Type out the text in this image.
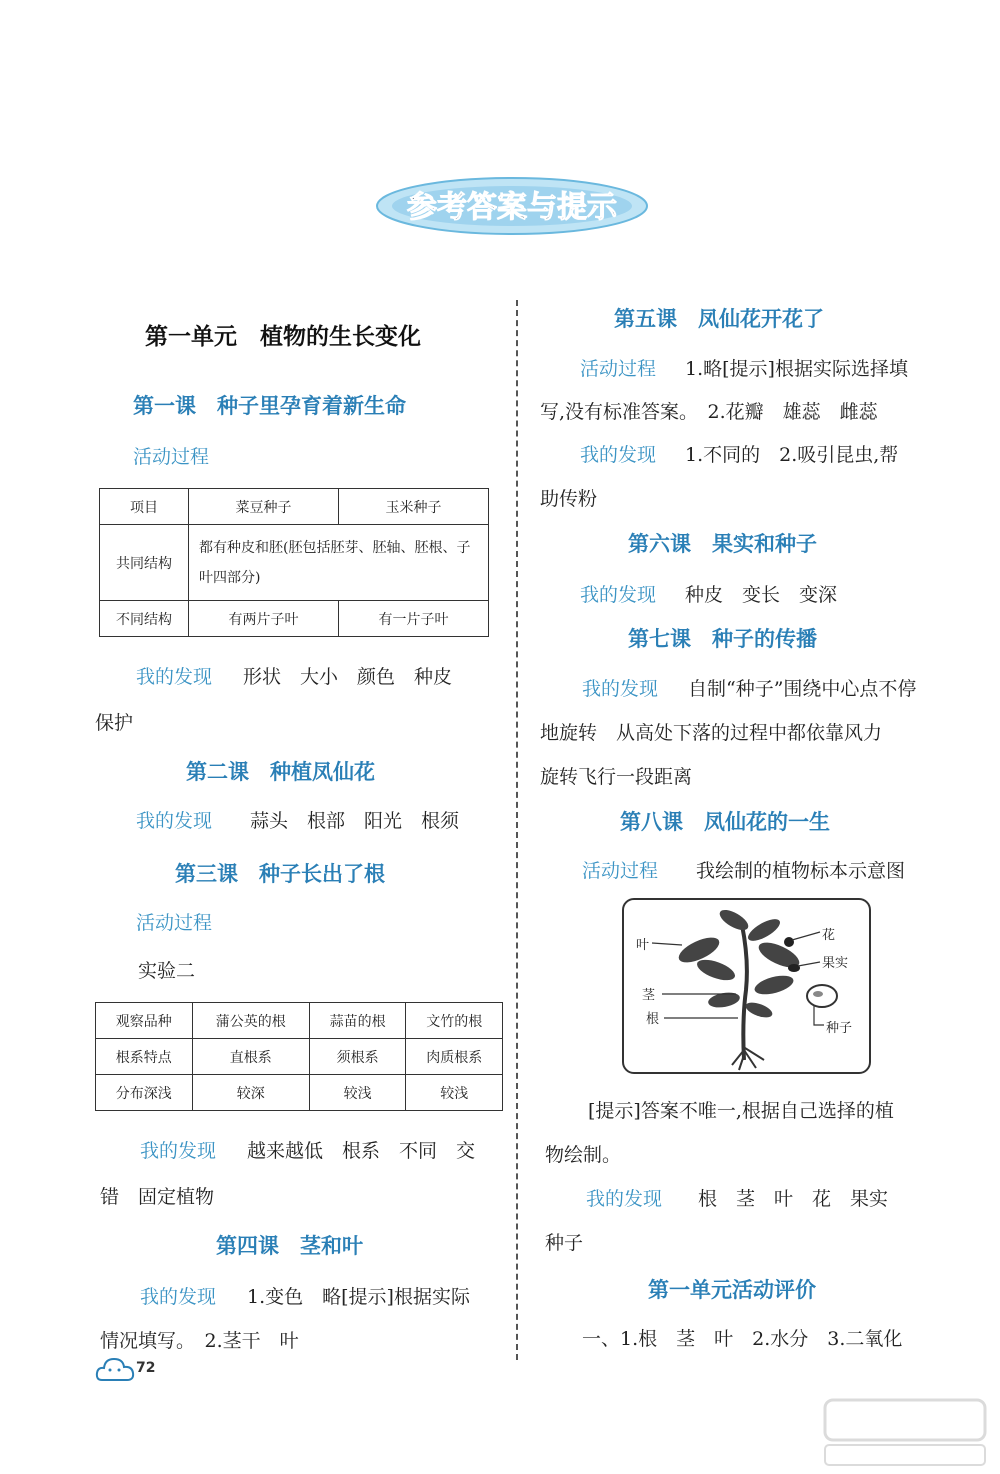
参考答案与提示
第一单元　植物的生长变化
第一课　种子里孕育着新生命
活动过程
项目	菜豆种子	玉米种子
共同结构	都有种皮和胚(胚包括胚芽、胚轴、胚根、子叶四部分)	
不同结构	有两片子叶	有一片子叶
我的发现 形状　大小　颜色　种皮
保护
第二课　种植凤仙花
我的发现 蒜头　根部　阳光　根须
第三课　种子长出了根
活动过程
实验二
观察品种	蒲公英的根	蒜苗的根	文竹的根
根系特点	直根系	须根系	肉质根系
分布深浅	较深	较浅	较浅
我的发现 越来越低　根系　不同　交
错　固定植物
第四课　茎和叶
我的发现 1.变色　略[提示]根据实际
情况填写。　2.茎干　叶
72
第五课　凤仙花开花了
活动过程 1.略[提示]根据实际选择填
写,没有标准答案。　2.花瓣　雄蕊　雌蕊
我的发现 1.不同的　2.吸引昆虫,帮
助传粉
第六课　果实和种子
我的发现 种皮　变长　变深
第七课　种子的传播
我的发现 自制“种子”围绕中心点不停
地旋转　从高处下落的过程中都依靠风力
旋转飞行一段距离
第八课　凤仙花的一生
活动过程 我绘制的植物标本示意图
叶
花
果实
茎
根
种子
[提示]答案不唯一,根据自己选择的植
物绘制。
我的发现 根　茎　叶　花　果实
种子
第一单元活动评价
一、1.根　茎　叶　2.水分　3.二氧化
